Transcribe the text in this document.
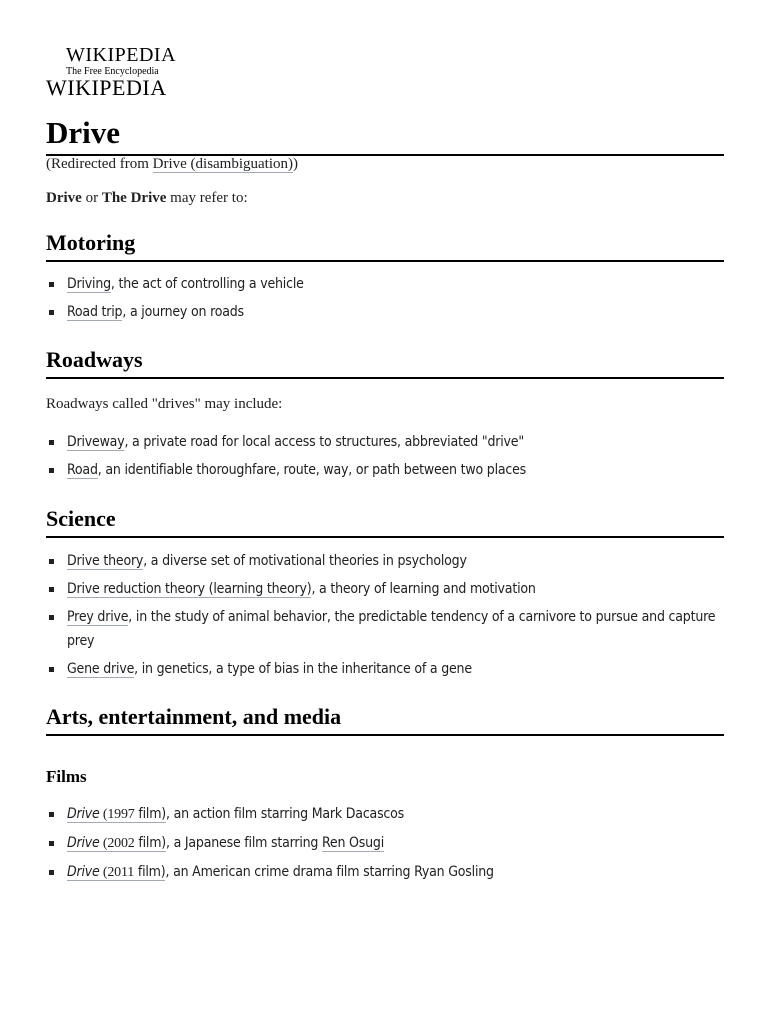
WIKIPEDIA
The Free Encyclopedia
WIKIPEDIA
Drive
(Redirected from Drive (disambiguation))
Drive or The Drive may refer to:
Motoring
Driving, the act of controlling a vehicle
Road trip, a journey on roads
Roadways
Roadways called "drives" may include:
Driveway, a private road for local access to structures, abbreviated "drive"
Road, an identifiable thoroughfare, route, way, or path between two places
Science
Drive theory, a diverse set of motivational theories in psychology
Drive reduction theory (learning theory), a theory of learning and motivation
Prey drive, in the study of animal behavior, the predictable tendency of a carnivore to pursue and capture prey
Gene drive, in genetics, a type of bias in the inheritance of a gene
Arts, entertainment, and media
Films
Drive (1997 film), an action film starring Mark Dacascos
Drive (2002 film), a Japanese film starring Ren Osugi
Drive (2011 film), an American crime drama film starring Ryan Gosling
